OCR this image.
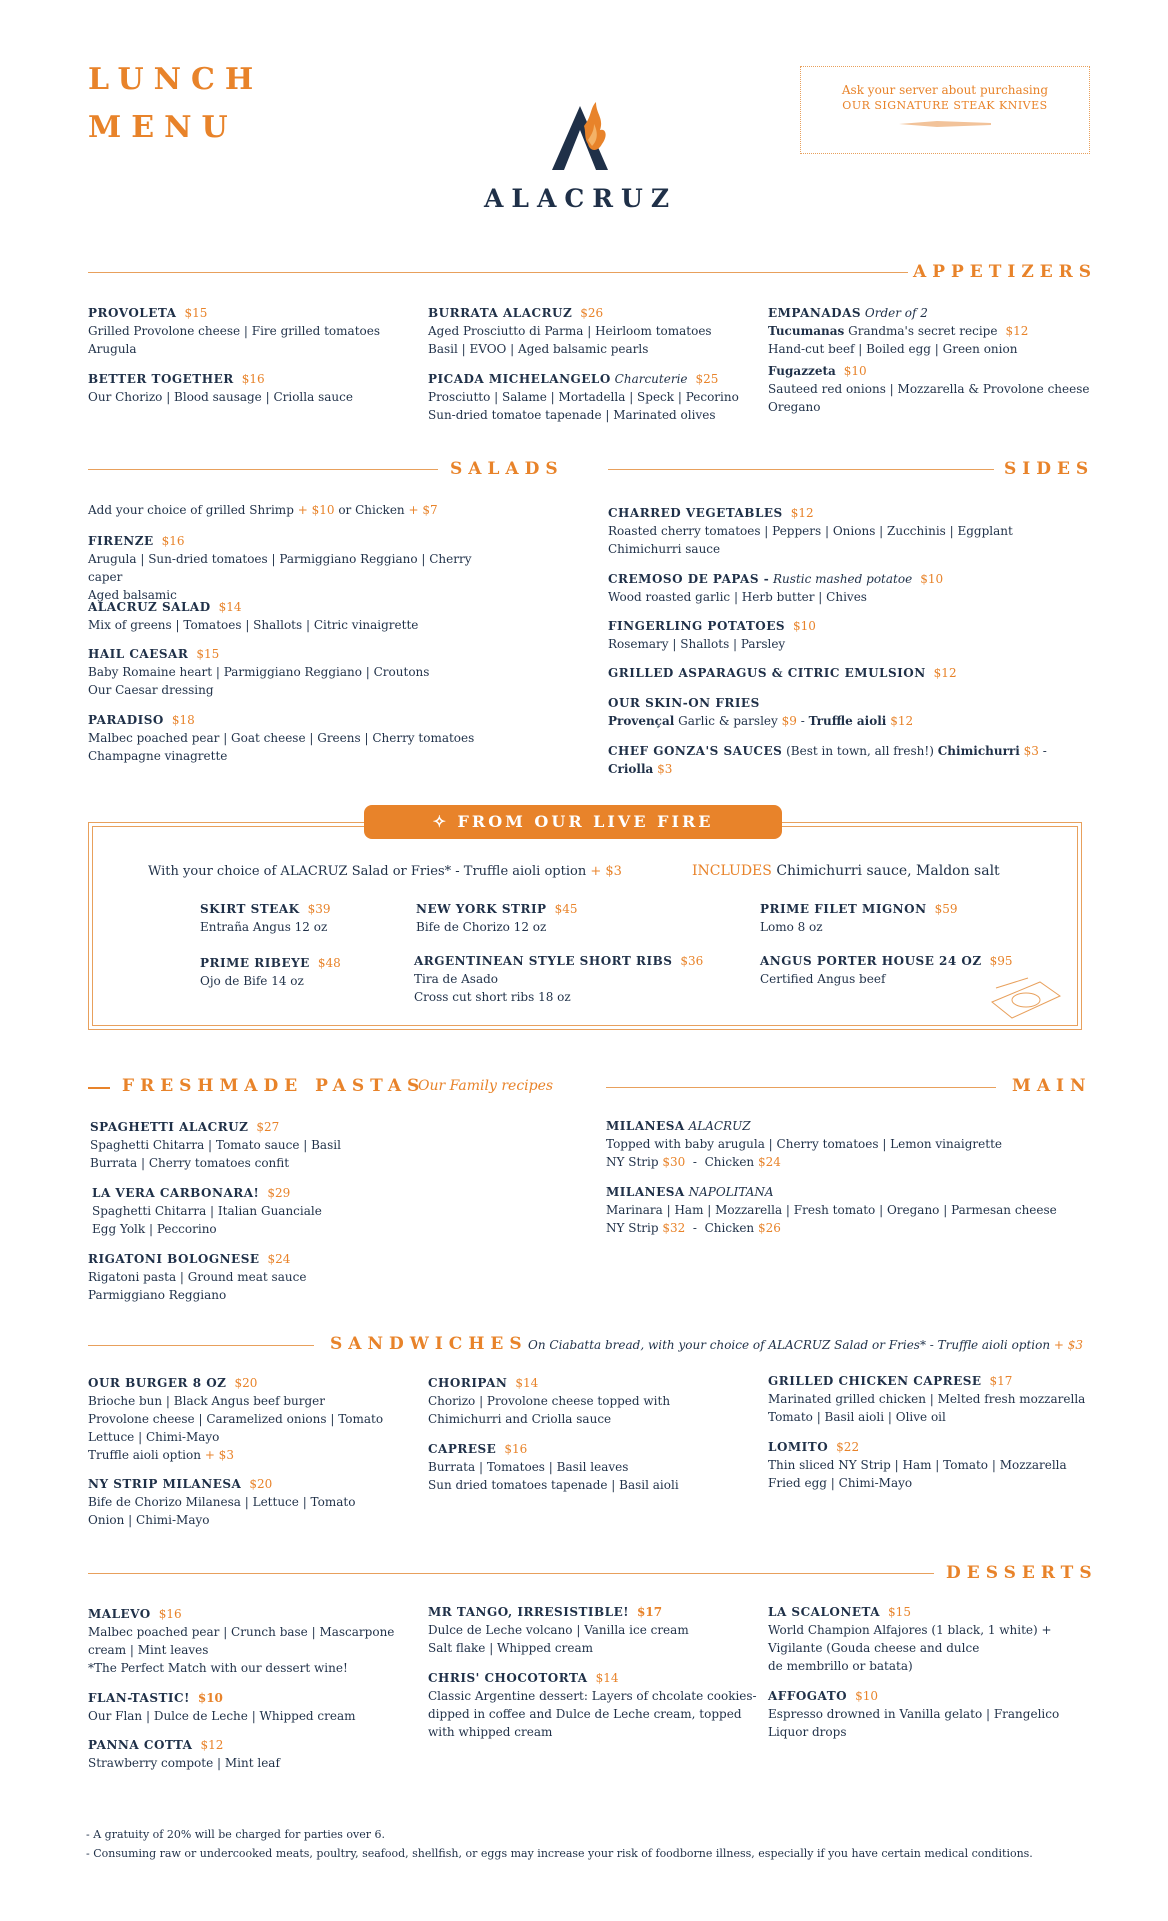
LUNCH
MENU
ALACRUZ
Ask your server about purchasing
OUR SIGNATURE STEAK KNIVES
APPETIZERS
PROVOLETA $15
Grilled Provolone cheese | Fire grilled tomatoes
Arugula
BETTER TOGETHER $16
Our Chorizo | Blood sausage | Criolla sauce
BURRATA ALACRUZ $26
Aged Prosciutto di Parma | Heirloom tomatoes
Basil | EVOO | Aged balsamic pearls
PICADA MICHELANGELO Charcuterie $25
Prosciutto | Salame | Mortadella | Speck | Pecorino
Sun-dried tomatoe tapenade | Marinated olives
EMPANADAS Order of 2
Tucumanas Grandma's secret recipe $12
Hand-cut beef | Boiled egg | Green onion
Fugazzeta $10
Sauteed red onions | Mozzarella & Provolone cheese
Oregano
SALADS
Add your choice of grilled Shrimp + $10 or Chicken + $7
FIRENZE $16
Arugula | Sun-dried tomatoes | Parmiggiano Reggiano | Cherry caper
Aged balsamic
ALACRUZ SALAD $14
Mix of greens | Tomatoes | Shallots | Citric vinaigrette
HAIL CAESAR $15
Baby Romaine heart | Parmiggiano Reggiano | Croutons
Our Caesar dressing
PARADISO $18
Malbec poached pear | Goat cheese | Greens | Cherry tomatoes
Champagne vinagrette
SIDES
CHARRED VEGETABLES $12
Roasted cherry tomatoes | Peppers | Onions | Zucchinis | Eggplant
Chimichurri sauce
CREMOSO DE PAPAS - Rustic mashed potatoe $10
Wood roasted garlic | Herb butter | Chives
FINGERLING POTATOES $10
Rosemary | Shallots | Parsley
GRILLED ASPARAGUS & CITRIC EMULSION $12
OUR SKIN-ON FRIES
Provençal Garlic & parsley $9 - Truffle aioli $12
CHEF GONZA'S SAUCES (Best in town, all fresh!) Chimichurri $3 - Criolla $3
✧ FROM OUR LIVE FIRE WOODGRILL ✧
With your choice of ALACRUZ Salad or Fries* - Truffle aioli option + $3	INCLUDES Chimichurri sauce, Maldon salt
SKIRT STEAK $39
Entraña Angus 12 oz
PRIME RIBEYE $48
Ojo de Bife 14 oz
NEW YORK STRIP $45
Bife de Chorizo 12 oz
ARGENTINEAN STYLE SHORT RIBS $36
Tira de Asado
Cross cut short ribs 18 oz
PRIME FILET MIGNON $59
Lomo 8 oz
ANGUS PORTER HOUSE 24 OZ $95
Certified Angus beef
FRESHMADE PASTAS
Our Family recipes
SPAGHETTI ALACRUZ $27
Spaghetti Chitarra | Tomato sauce | Basil
Burrata | Cherry tomatoes confit
LA VERA CARBONARA! $29
Spaghetti Chitarra | Italian Guanciale
Egg Yolk | Peccorino
RIGATONI BOLOGNESE $24
Rigatoni pasta | Ground meat sauce
Parmiggiano Reggiano
MAIN
MILANESA ALACRUZ
Topped with baby arugula | Cherry tomatoes | Lemon vinaigrette
NY Strip $30  -  Chicken $24
MILANESA NAPOLITANA
Marinara | Ham | Mozzarella | Fresh tomato | Oregano | Parmesan cheese
NY Strip $32  -  Chicken $26
SANDWICHES On Ciabatta bread, with your choice of ALACRUZ Salad or Fries* - Truffle aioli option + $3
OUR BURGER 8 OZ $20
Brioche bun | Black Angus beef burger
Provolone cheese | Caramelized onions | Tomato
Lettuce | Chimi-Mayo
Truffle aioli option + $3
NY STRIP MILANESA $20
Bife de Chorizo Milanesa | Lettuce | Tomato
Onion | Chimi-Mayo
CHORIPAN $14
Chorizo | Provolone cheese topped with
Chimichurri and Criolla sauce
CAPRESE $16
Burrata | Tomatoes | Basil leaves
Sun dried tomatoes tapenade | Basil aioli
GRILLED CHICKEN CAPRESE $17
Marinated grilled chicken | Melted fresh mozzarella
Tomato | Basil aioli | Olive oil
LOMITO $22
Thin sliced NY Strip | Ham | Tomato | Mozzarella
Fried egg | Chimi-Mayo
DESSERTS
MALEVO $16
Malbec poached pear | Crunch base | Mascarpone
cream | Mint leaves
*The Perfect Match with our dessert wine!
FLAN-TASTIC! $10
Our Flan | Dulce de Leche | Whipped cream
PANNA COTTA $12
Strawberry compote | Mint leaf
MR TANGO, IRRESISTIBLE! $17
Dulce de Leche volcano | Vanilla ice cream
Salt flake | Whipped cream
CHRIS' CHOCOTORTA $14
Classic Argentine dessert: Layers of chcolate cookies-
dipped in coffee and Dulce de Leche cream, topped
with whipped cream
LA SCALONETA $15
World Champion Alfajores (1 black, 1 white) +
Vigilante (Gouda cheese and dulce
de membrillo or batata)
AFFOGATO $10
Espresso drowned in Vanilla gelato | Frangelico
Liquor drops
- A gratuity of 20% will be charged for parties over 6.
- Consuming raw or undercooked meats, poultry, seafood, shellfish, or eggs may increase your risk of foodborne illness, especially if you have certain medical conditions.
